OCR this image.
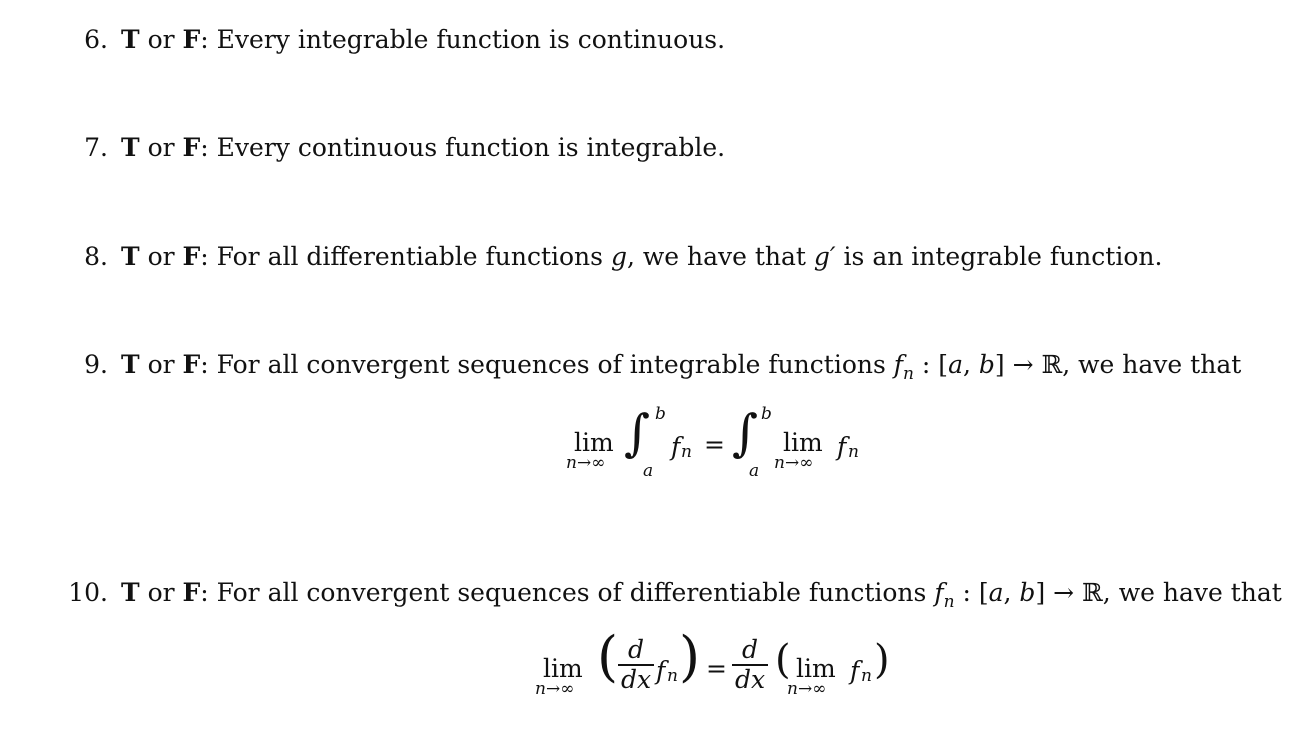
6. T or F: Every integrable function is continuous.
7. T or F: Every continuous function is integrable.
8. T or F: For all differentiable functions g, we have that g′ is an integrable function.
9. T or F: For all convergent sequences of integrable functions $f_n$ : [a, b] → ℝ, we have that
lim
n→∞
∫ b
a
f n = ∫ b
a
lim
n→∞
f n
10. T or F: For all convergent sequences of differentiable functions $f_n$ : [a, b] → ℝ, we have that
lim
n→∞
( d
dx f n ) =
d
dx ( lim
n→∞
f n )
